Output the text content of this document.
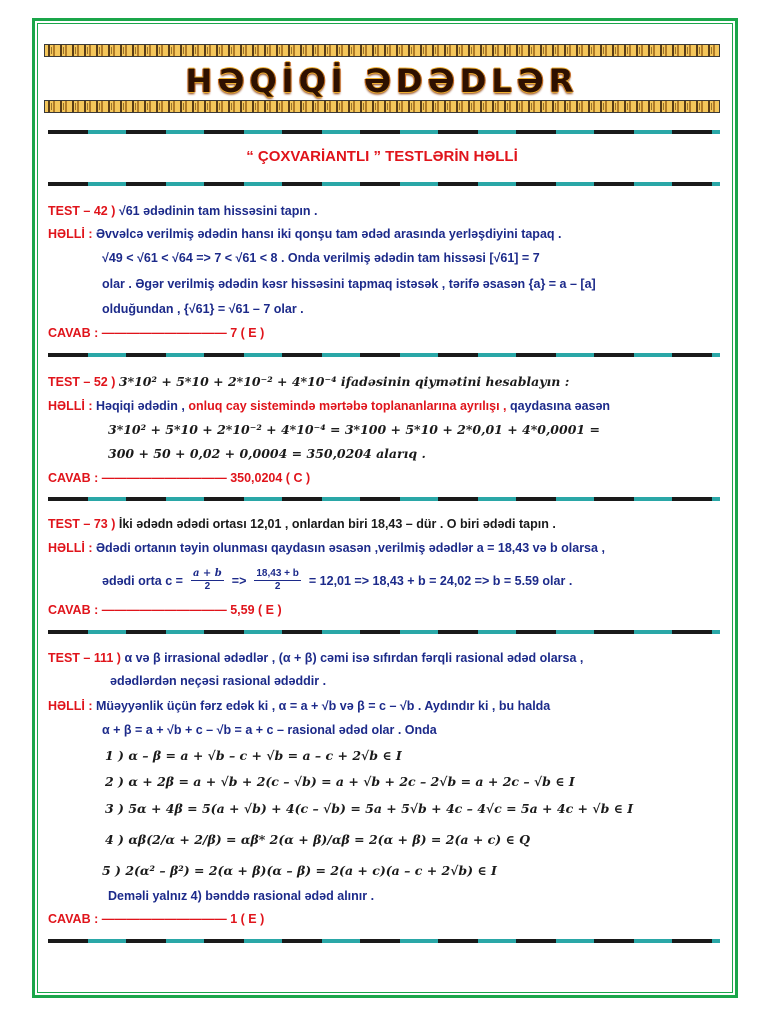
HƏQİQİ ƏDƏDLƏR
“ ÇOXVARİANTLI ” TESTLƏRİN HƏLLİ
TEST – 42 ) √61 ədədinin tam hissəsini tapın .
HƏLLİ : Əvvəlcə verilmiş ədədin hansı iki qonşu tam ədəd arasında yerləşdiyini tapaq .
√49 < √61 < √64 => 7 < √61 < 8 . Onda verilmiş ədədin tam hissəsi [√61] = 7
olar . Əgər verilmiş ədədin kəsr hissəsini tapmaq istəsək , tərifə əsasən {a} = a – [a]
olduğundan , {√61} = √61 – 7 olar .
CAVAB : —————————— 7 ( E )
TEST – 52 ) 3*10² + 5*10 + 2*10⁻² + 4*10⁻⁴ ifadəsinin qiymətini hesablayın :
HƏLLİ : Həqiqi ədədin , onluq cay sistemində mərtəbə toplananlarına ayrılışı , qaydasına əasən
3*10² + 5*10 + 2*10⁻² + 4*10⁻⁴ = 3*100 + 5*10 + 2*0,01 + 4*0,0001 =
300 + 50 + 0,02 + 0,0004 = 350,0204 alarıq .
CAVAB : —————————— 350,0204 ( C )
TEST – 73 ) İki ədədn ədədi ortası 12,01 , onlardan biri 18,43 – dür . O biri ədədi tapın .
HƏLLİ : Ədədi ortanın təyin olunması qaydasın əsasən ,verilmiş ədədlər a = 18,43 və b olarsa ,
ədədi orta $c = \frac{a + b}{2} => \frac{18,43 + b}{2} = 12,01 => 18,43 + b = 24,02 => b = 5.59$ olar .
CAVAB : —————————— 5,59 ( E )
TEST – 111 ) α və β irrasional ədədlər , (α + β) cəmi isə sıfırdan fərqli rasional ədəd olarsa ,
ədədlərdən neçəsi rasional ədəddir .
HƏLLİ : Müəyyənlik üçün fərz edək ki , α = a + √b və β = c – √b . Aydındır ki , bu halda
α + β = a + √b + c – √b = a + c – rasional ədəd olar . Onda
1 ) α – β = a + √b – c + √b = a – c + 2√b ∈ I
2 ) α + 2β = a + √b + 2(c – √b) = a + √b + 2c – 2√b = a + 2c – √b ∈ I
3 ) 5α + 4β = 5(a + √b) + 4(c – √b) = 5a + 5√b + 4c – 4√c = 5a + 4c + √b ∈ I
4 ) αβ(2/α + 2/β) = αβ* 2(α + β)/αβ = 2(α + β) = 2(a + c) ∈ Q
5 ) 2(α² – β²) = 2(α + β)(α – β) = 2(a + c)(a – c + 2√b) ∈ I
Deməli yalnız 4) bənddə rasional ədəd alınır .
CAVAB : —————————— 1 ( E )
